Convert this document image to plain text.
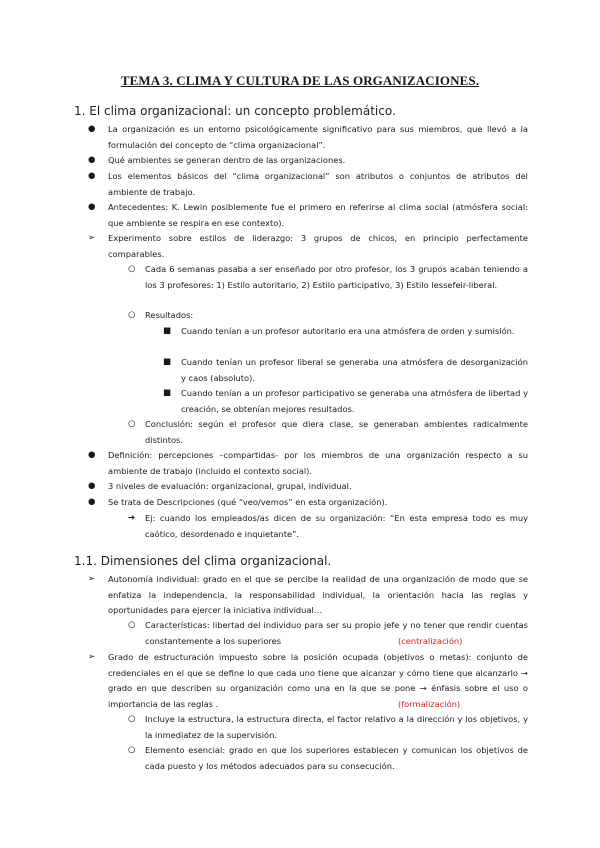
TEMA 3. CLIMA Y CULTURA DE LAS ORGANIZACIONES.
1. El clima organizacional: un concepto problemático.
● La organización es un entorno psicológicamente significativo para sus miembros, que llevó a la formulación del concepto de “clima organizacional”.
● Qué ambientes se generan dentro de las organizaciones.
● Los elementos básicos del “clima organizacional” son atributos o conjuntos de atributos del ambiente de trabajo.
● Antecedentes: K. Lewin posiblemente fue el primero en referirse al clima social (atmósfera social: que ambiente se respira en ese contexto).
➢ Experimento sobre estilos de liderazgo: 3 grupos de chicos, en principio perfectamente comparables.
○ Cada 6 semanas pasaba a ser enseñado por otro profesor, los 3 grupos acaban teniendo a los 3 profesores: 1) Estilo autoritario, 2) Estilo participativo, 3) Estilo lessefeir-liberal.
○ Resultados:
■ Cuando tenían a un profesor autoritario era una atmósfera de orden y sumisión.
■ Cuando tenían un profesor liberal se generaba una atmósfera de desorganización y caos (absoluto).
■ Cuando tenían a un profesor participativo se generaba una atmósfera de libertad y creación, se obtenían mejores resultados.
○ Conclusión: según el profesor que diera clase, se generaban ambientes radicalmente distintos.
● Definición: percepciones –compartidas- por los miembros de una organización respecto a su ambiente de trabajo (incluido el contexto social).
● 3 niveles de evaluación: organizacional, grupal, individual.
● Se trata de Descripciones (qué “veo/vemos” en esta organización).
➔ Ej: cuando los empleados/as dicen de su organización: “En esta empresa todo es muy caótico, desordenado e inquietante”.
1.1. Dimensiones del clima organizacional.
➢ Autonomía individual: grado en el que se percibe la realidad de una organización de modo que se enfatiza la independencia, la responsabilidad individual, la orientación hacia las reglas y oportunidades para ejercer la iniciativa individual…
○ Características: libertad del individuo para ser su propio jefe y no tener que rendir cuentas constantemente a los superiores	(centralización)
➢ Grado de estructuración impuesto sobre la posición ocupada (objetivos o metas): conjunto de credenciales en el que se define lo que cada uno tiene que alcanzar y cómo tiene que alcanzarlo → grado en que describen su organización como una en la que se pone → énfasis sobre el uso o importancia de las reglas .	(formalización)
○ Incluye la estructura, la estructura directa, el factor relativo a la dirección y los objetivos, y la inmediatez de la supervisión.
○ Elemento esencial: grado en que los superiores establecen y comunican los objetivos de cada puesto y los métodos adecuados para su consecución.
